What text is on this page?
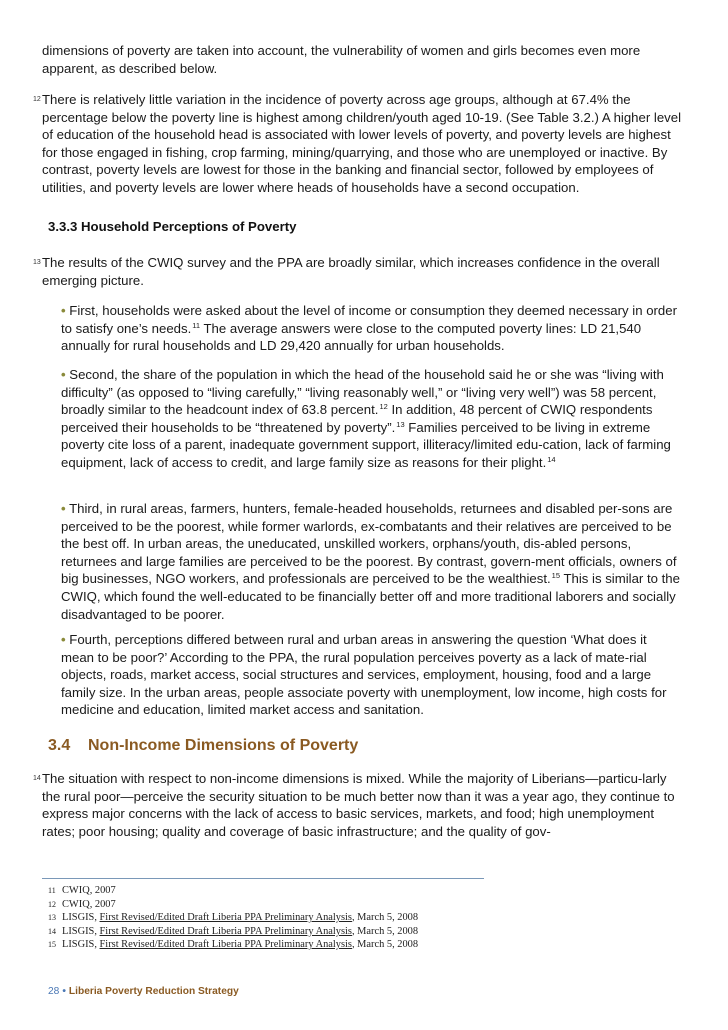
dimensions of poverty are taken into account, the vulnerability of women and girls becomes even more apparent, as described below.

12 There is relatively little variation in the incidence of poverty across age groups, although at 67.4% the percentage below the poverty line is highest among children/youth aged 10-19. (See Table 3.2.) A higher level of education of the household head is associated with lower levels of poverty, and poverty levels are highest for those engaged in fishing, crop farming, mining/quarrying, and those who are unemployed or inactive. By contrast, poverty levels are lowest for those in the banking and financial sector, followed by employees of utilities, and poverty levels are lower where heads of households have a second occupation.

3.3.3 Household Perceptions of Poverty
13 The results of the CWIQ survey and the PPA are broadly similar, which increases confidence in the overall emerging picture.

• First, households were asked about the level of income or consumption they deemed necessary in order to satisfy one’s needs.$^{11}$ The average answers were close to the computed poverty lines: LD 21,540 annually for rural households and LD 29,420 annually for urban households.

• Second, the share of the population in which the head of the household said he or she was “living with difficulty” (as opposed to “living carefully,” “living reasonably well,” or “living very well”) was 58 percent, broadly similar to the headcount index of 63.8 percent.$^{12}$ In addition, 48 percent of CWIQ respondents perceived their households to be “threatened by poverty”.$^{13}$ Families perceived to be living in extreme poverty cite loss of a parent, inadequate government support, illiteracy/limited edu-cation, lack of farming equipment, lack of access to credit, and large family size as reasons for their plight.$^{14}$

• Third, in rural areas, farmers, hunters, female-headed households, returnees and disabled per-sons are perceived to be the poorest, while former warlords, ex-combatants and their relatives are perceived to be the best off. In urban areas, the uneducated, unskilled workers, orphans/youth, dis-abled persons, returnees and large families are perceived to be the poorest. By contrast, govern-ment officials, owners of big businesses, NGO workers, and professionals are perceived to be the wealthiest.$^{15}$ This is similar to the CWIQ, which found the well-educated to be financially better off and more traditional laborers and socially disadvantaged to be poorer.

• Fourth, perceptions differed between rural and urban areas in answering the question ‘What does it mean to be poor?’ According to the PPA, the rural population perceives poverty as a lack of mate-rial objects, roads, market access, social structures and services, employment, housing, food and a large family size. In the urban areas, people associate poverty with unemployment, low income, high costs for medicine and education, limited market access and sanitation.

3.4 Non-Income Dimensions of Poverty
14 The situation with respect to non-income dimensions is mixed. While the majority of Liberians—particu-larly the rural poor—perceive the security situation to be much better now than it was a year ago, they continue to express major concerns with the lack of access to basic services, markets, and food; high unemployment rates; poor housing; quality and coverage of basic infrastructure; and the quality of gov-

11 CWIQ, 2007
12 CWIQ, 2007
13 LISGIS, First Revised/Edited Draft Liberia PPA Preliminary Analysis, March 5, 2008
14 LISGIS, First Revised/Edited Draft Liberia PPA Preliminary Analysis, March 5, 2008
15 LISGIS, First Revised/Edited Draft Liberia PPA Preliminary Analysis, March 5, 2008
28 • Liberia Poverty Reduction Strategy
